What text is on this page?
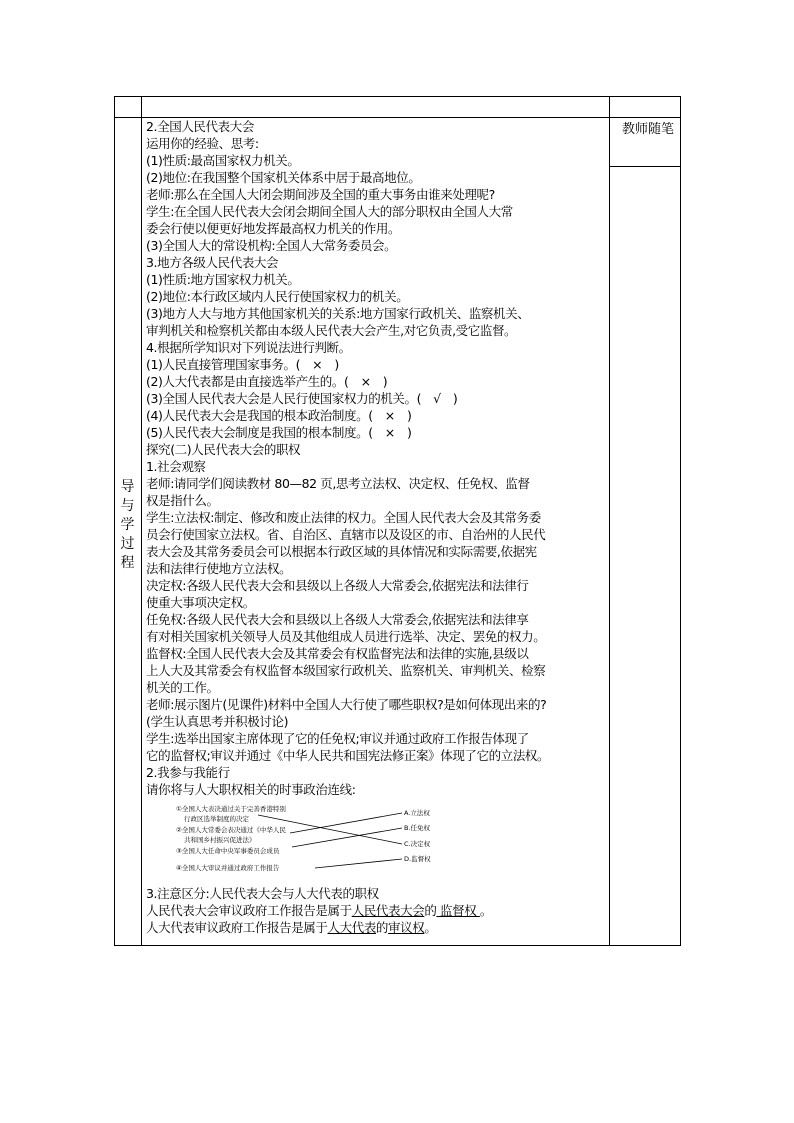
导
与
学
过
程
教师随笔

2.全国人民代表大会

运用你的经验、思考:

(1)性质:最高国家权力机关。

(2)地位:在我国整个国家机关体系中居于最高地位。

老师:那么在全国人大闭会期间涉及全国的重大事务由谁来处理呢?

学生:在全国人民代表大会闭会期间全国人大的部分职权由全国人大常

委会行使以便更好地发挥最高权力机关的作用。

(3)全国人大的常设机构:全国人大常务委员会。

3.地方各级人民代表大会

(1)性质:地方国家权力机关。

(2)地位:本行政区域内人民行使国家权力的机关。

(3)地方人大与地方其他国家机关的关系:地方国家行政机关、监察机关、

审判机关和检察机关都由本级人民代表大会产生,对它负责,受它监督。

4.根据所学知识对下列说法进行判断。

(1)人民直接管理国家事务。(　×　)

(2)人大代表都是由直接选举产生的。(　×　)

(3)全国人民代表大会是人民行使国家权力的机关。(　√　)

(4)人民代表大会是我国的根本政治制度。(　×　)

(5)人民代表大会制度是我国的根本制度。(　×　)

探究(二)人民代表大会的职权

1.社会观察

老师:请同学们阅读教材 80—82 页,思考立法权、决定权、任免权、监督

权是指什么。

学生:立法权:制定、修改和废止法律的权力。全国人民代表大会及其常务委

员会行使国家立法权。省、自治区、直辖市以及设区的市、自治州的人民代

表大会及其常务委员会可以根据本行政区域的具体情况和实际需要,依据宪

法和法律行使地方立法权。

决定权:各级人民代表大会和县级以上各级人大常委会,依据宪法和法律行

使重大事项决定权。

任免权:各级人民代表大会和县级以上各级人大常委会,依据宪法和法律享

有对相关国家机关领导人员及其他组成人员进行选举、决定、罢免的权力。

监督权:全国人民代表大会及其常委会有权监督宪法和法律的实施,县级以

上人大及其常委会有权监督本级国家行政机关、监察机关、审判机关、检察

机关的工作。

老师:展示图片(见课件)材料中全国人大行使了哪些职权?是如何体现出来的?

(学生认真思考并积极讨论)

学生:选举出国家主席体现了它的任免权;审议并通过政府工作报告体现了

它的监督权;审议并通过《中华人民共和国宪法修正案》体现了它的立法权。

2.我参与我能行

请你将与人大职权相关的时事政治连线:

①全国人大表决通过关于完善香港特别
行政区选举制度的决定
②全国人大常委会表决通过《中华人民
共和国乡村振兴促进法》
③全国人大任命中央军事委员会成员
④全国人大审议并通过政府工作报告
A.立法权
B.任免权
C.决定权
D.监督权

3.注意区分:人民代表大会与人大代表的职权

人民代表大会审议政府工作报告是属于人民代表大会的 监督权 。

人大代表审议政府工作报告是属于人大代表的审议权。
